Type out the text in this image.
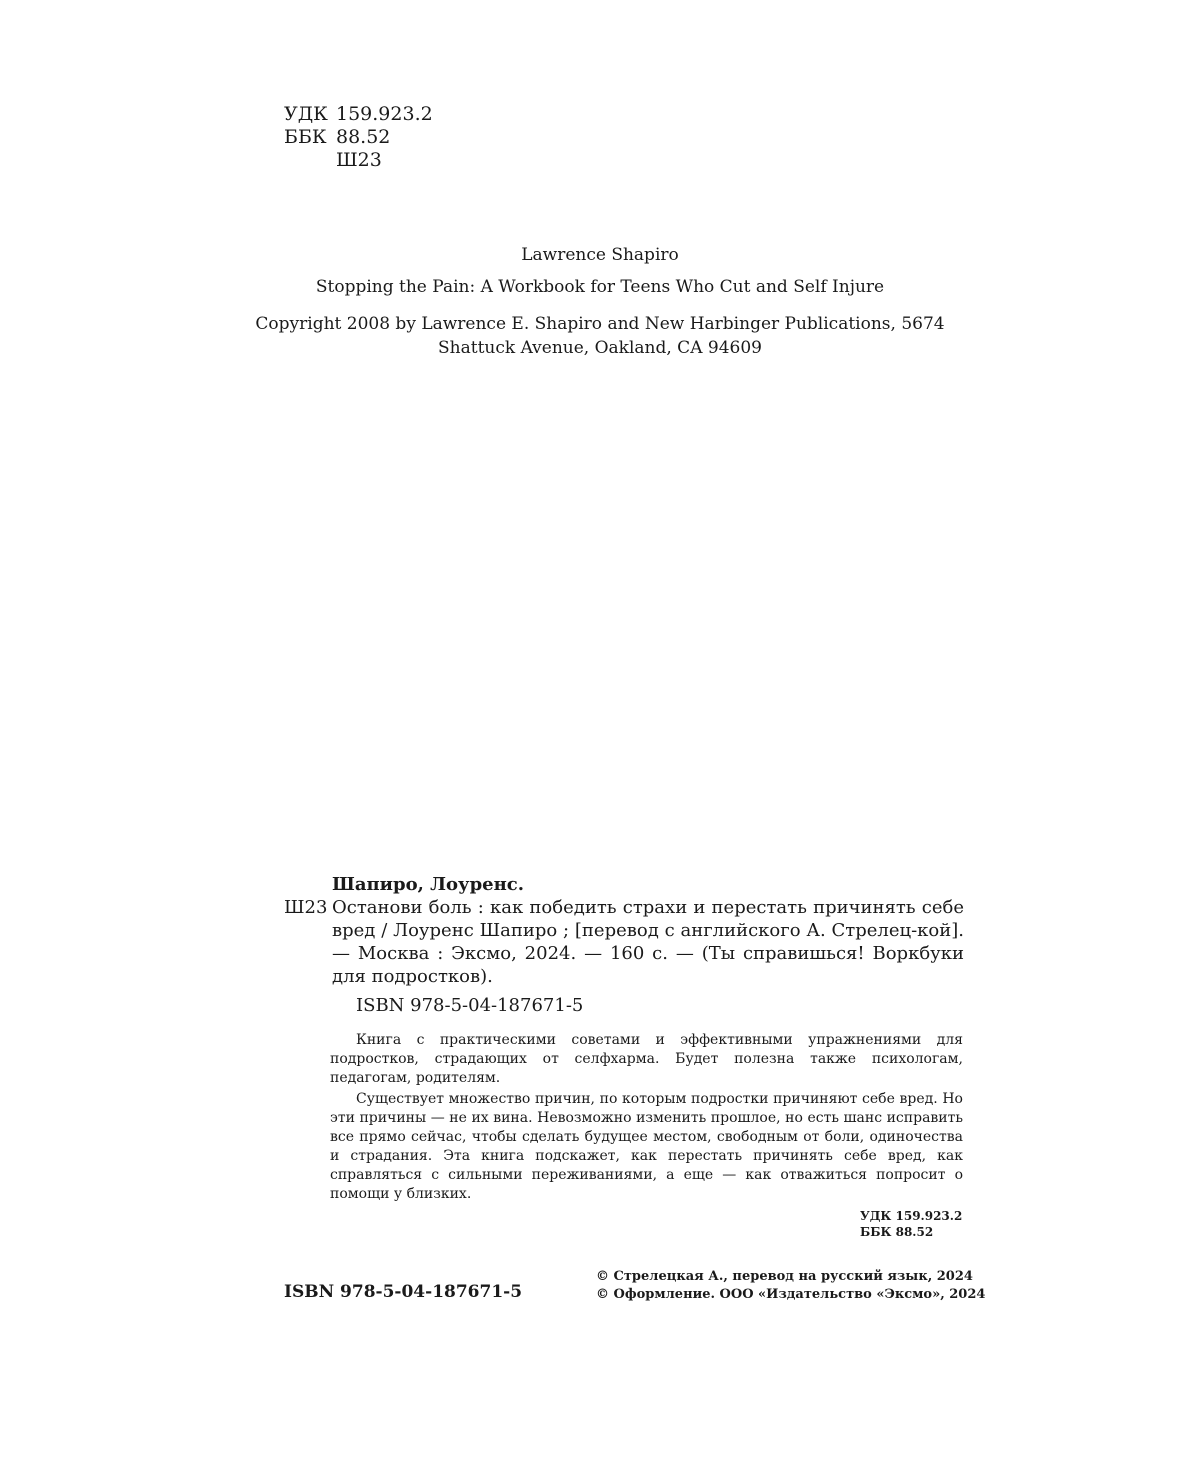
УДК 159.923.2
ББК 88.52
Ш23
Lawrence Shapiro
Stopping the Pain: A Workbook for Teens Who Cut and Self Injure
Copyright 2008 by Lawrence E. Shapiro and New Harbinger Publications, 5674
Shattuck Avenue, Oakland, CA 94609
Шапиро, Лоуренс.
Ш23 Останови боль : как победить страхи и перестать причинять себе вред / Лоуренс Шапиро ; [перевод с английского А. Стрелец-кой]. — Москва : Эксмо, 2024. — 160 с. — (Ты справишься! Воркбуки для подростков).
ISBN 978-5-04-187671-5

Книга с практическими советами и эффективными упражнениями для подростков, страдающих от селфхарма. Будет полезна также психологам, педагогам, родителям.

Существует множество причин, по которым подростки причиняют себе вред. Но эти причины — не их вина. Невозможно изменить прошлое, но есть шанс исправить все прямо сейчас, чтобы сделать будущее местом, свободным от боли, одиночества и страдания. Эта книга подскажет, как перестать причинять себе вред, как справляться с сильными переживаниями, а еще — как отважиться попросит о помощи у близких.

УДК 159.923.2
ББК 88.52
ISBN 978-5-04-187671-5
© Стрелецкая А., перевод на русский язык, 2024
© Оформление. ООО «Издательство «Эксмо», 2024
